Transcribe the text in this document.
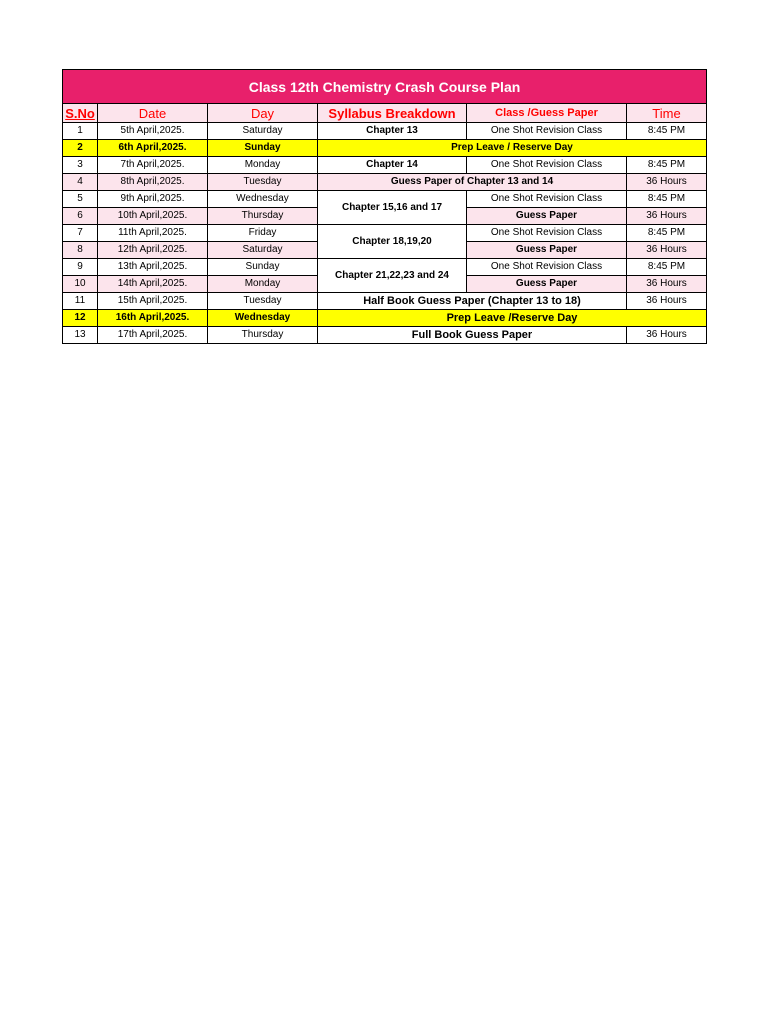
Class 12th Chemistry Crash Course Plan					
S.No	Date	Day	Syllabus Breakdown	Class /Guess Paper	Time
1	5th April,2025.	Saturday	Chapter 13	One Shot Revision Class	8:45 PM
2	6th April,2025.	Sunday	Prep Leave / Reserve Day		
3	7th April,2025.	Monday	Chapter 14	One Shot Revision Class	8:45 PM
4	8th April,2025.	Tuesday	Guess Paper of Chapter 13 and 14		36 Hours
5	9th April,2025.	Wednesday	Chapter 15,16 and 17	One Shot Revision Class	8:45 PM
6	10th April,2025.	Thursday		Guess Paper	36 Hours
7	11th April,2025.	Friday	Chapter 18,19,20	One Shot Revision Class	8:45 PM
8	12th April,2025.	Saturday		Guess Paper	36 Hours
9	13th April,2025.	Sunday	Chapter 21,22,23 and 24	One Shot Revision Class	8:45 PM
10	14th April,2025.	Monday		Guess Paper	36 Hours
11	15th April,2025.	Tuesday	Half Book Guess Paper (Chapter 13 to 18)		36 Hours
12	16th April,2025.	Wednesday	Prep Leave /Reserve Day		
13	17th April,2025.	Thursday	Full Book Guess Paper		36 Hours
